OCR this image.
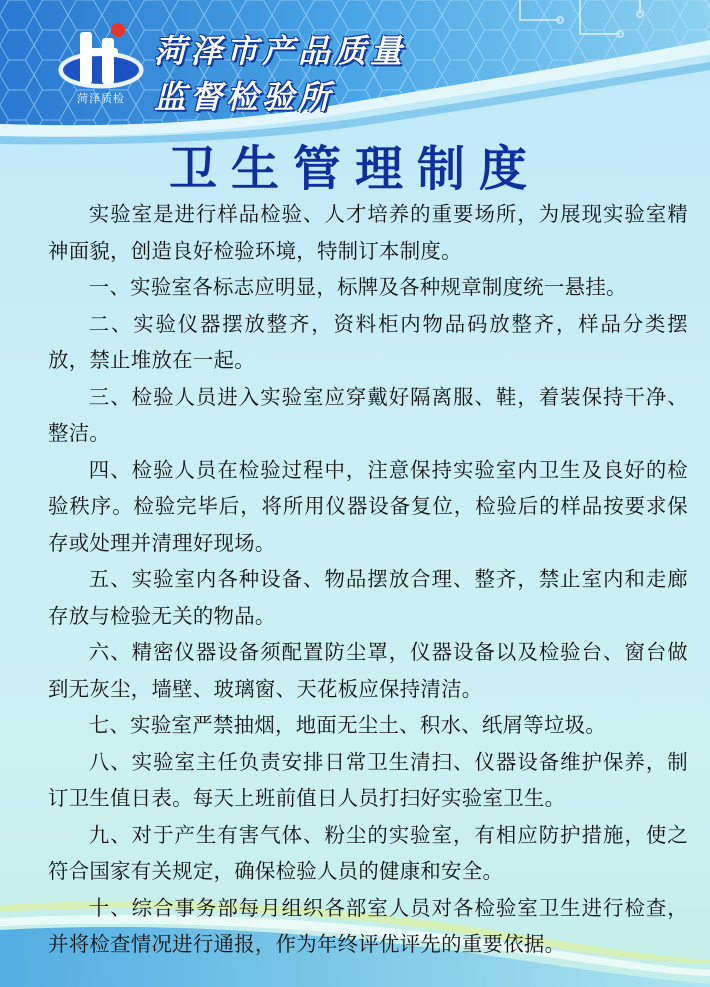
菏泽质检
菏泽市产品质量
监督检验所
卫生管理制度

实验室是进行样品检验、人才培养的重要场所，为展现实验室精神面貌，创造良好检验环境，特制订本制度。

一、实验室各标志应明显，标牌及各种规章制度统一悬挂。

二、实验仪器摆放整齐，资料柜内物品码放整齐，样品分类摆放，禁止堆放在一起。

三、检验人员进入实验室应穿戴好隔离服、鞋，着装保持干净、整洁。

四、检验人员在检验过程中，注意保持实验室内卫生及良好的检验秩序。检验完毕后，将所用仪器设备复位，检验后的样品按要求保存或处理并清理好现场。

五、实验室内各种设备、物品摆放合理、整齐，禁止室内和走廊存放与检验无关的物品。

六、精密仪器设备须配置防尘罩，仪器设备以及检验台、窗台做到无灰尘，墙壁、玻璃窗、天花板应保持清洁。

七、实验室严禁抽烟，地面无尘土、积水、纸屑等垃圾。

八、实验室主任负责安排日常卫生清扫、仪器设备维护保养，制订卫生值日表。每天上班前值日人员打扫好实验室卫生。

九、对于产生有害气体、粉尘的实验室，有相应防护措施，使之符合国家有关规定，确保检验人员的健康和安全。

十、综合事务部每月组织各部室人员对各检验室卫生进行检查，并将检查情况进行通报，作为年终评优评先的重要依据。
